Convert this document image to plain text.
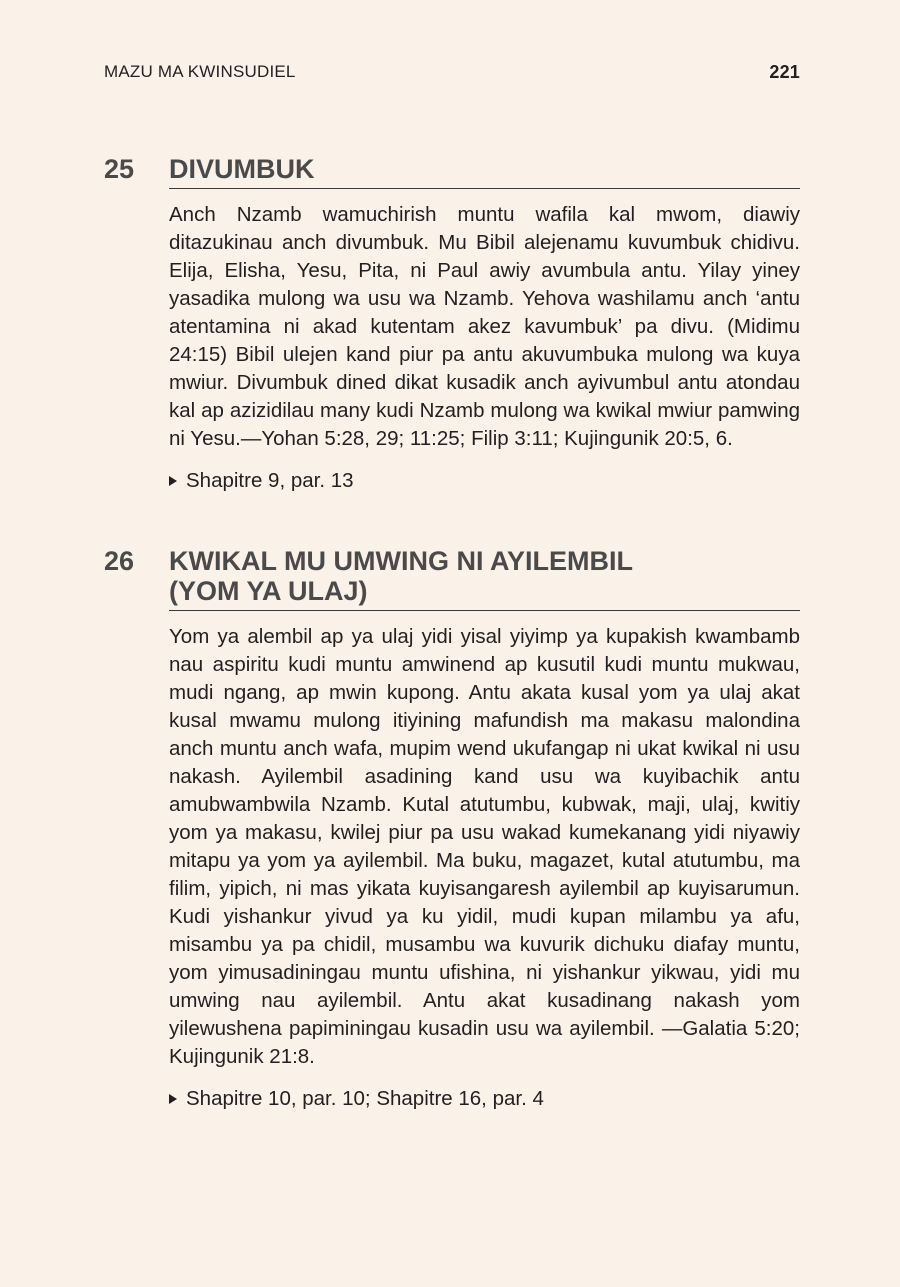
MAZU MA KWINSUDIEL	221
25 DIVUMBUK
Anch Nzamb wamuchirish muntu wafila kal mwom, diawiy ditazukinau anch divumbuk. Mu Bibil alejenamu kuvumbuk chidivu. Elija, Elisha, Yesu, Pita, ni Paul awiy avumbula antu. Yilay yiney yasadika mulong wa usu wa Nzamb. Yehova washilamu anch ‘antu atentamina ni akad kutentam akez kavumbuk’ pa divu. (Midimu 24:15) Bibil ulejen kand piur pa antu akuvumbuka mulong wa kuya mwiur. Divumbuk dined dikat kusadik anch ayivumbul antu atondau kal ap azizidilau many kudi Nzamb mulong wa kwikal mwiur pamwing ni Yesu.—Yohan 5:28, 29; 11:25; Filip 3:11; Kujingunik 20:5, 6.
Shapitre 9, par. 13
26 KWIKAL MU UMWING NI AYILEMBIL
(YOM YA ULAJ)
Yom ya alembil ap ya ulaj yidi yisal yiyimp ya kupakish kwambamb nau aspiritu kudi muntu amwinend ap kusutil kudi muntu mukwau, mudi ngang, ap mwin kupong. Antu akata kusal yom ya ulaj akat kusal mwamu mulong itiyining mafundish ma makasu malondina anch muntu anch wafa, mupim wend ukufangap ni ukat kwikal ni usu nakash. Ayilembil asadining kand usu wa kuyibachik antu amubwambwila Nzamb. Kutal atutumbu, kubwak, maji, ulaj, kwitiy yom ya makasu, kwilej piur pa usu wakad kumekanang yidi niyawiy mitapu ya yom ya ayilembil. Ma buku, magazet, kutal atutumbu, ma filim, yipich, ni mas yikata kuyisangaresh ayilembil ap kuyisarumun. Kudi yishankur yivud ya ku yidil, mudi kupan milambu ya afu, misambu ya pa chidil, musambu wa kuvurik dichuku diafay muntu, yom yimusadiningau muntu ufishina, ni yishankur yikwau, yidi mu umwing nau ayilembil. Antu akat kusadinang nakash yom yilewushena papiminingau kusadin usu wa ayilembil. —Galatia 5:20; Kujingunik 21:8.
Shapitre 10, par. 10; Shapitre 16, par. 4
